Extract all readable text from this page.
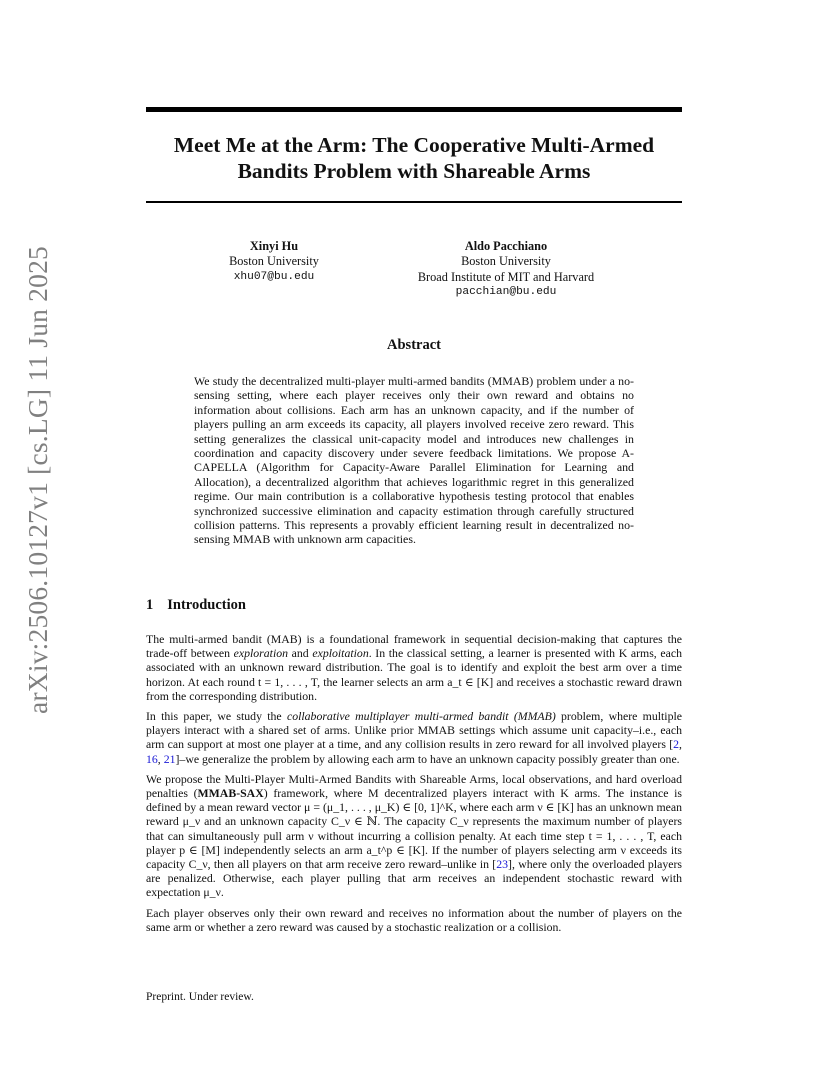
Meet Me at the Arm: The Cooperative Multi-Armed Bandits Problem with Shareable Arms
Xinyi Hu
Boston University
xhu07@bu.edu
Aldo Pacchiano
Boston University
Broad Institute of MIT and Harvard
pacchian@bu.edu
arXiv:2506.10127v1 [cs.LG] 11 Jun 2025	Abstract

We study the decentralized multi-player multi-armed bandits (MMAB) problem under a no-sensing setting, where each player receives only their own reward and obtains no information about collisions. Each arm has an unknown capacity, and if the number of players pulling an arm exceeds its capacity, all players involved receive zero reward. This setting generalizes the classical unit-capacity model and introduces new challenges in coordination and capacity discovery under severe feedback limitations. We propose A-CAPELLA (Algorithm for Capacity-Aware Parallel Elimination for Learning and Allocation), a decentralized algorithm that achieves logarithmic regret in this generalized regime. Our main contribution is a collaborative hypothesis testing protocol that enables synchronized successive elimination and capacity estimation through carefully structured collision patterns. This represents a provably efficient learning result in decentralized no-sensing MMAB with unknown arm capacities.

1 Introduction

The multi-armed bandit (MAB) is a foundational framework in sequential decision-making that captures the trade-off between exploration and exploitation. In the classical setting, a learner is presented with K arms, each associated with an unknown reward distribution. The goal is to identify and exploit the best arm over a time horizon. At each round t = 1, . . . , T, the learner selects an arm a_t ∈ [K] and receives a stochastic reward drawn from the corresponding distribution.

In this paper, we study the collaborative multiplayer multi-armed bandit (MMAB) problem, where multiple players interact with a shared set of arms. Unlike prior MMAB settings which assume unit capacity–i.e., each arm can support at most one player at a time, and any collision results in zero reward for all involved players [2, 16, 21]–we generalize the problem by allowing each arm to have an unknown capacity possibly greater than one.

We propose the Multi-Player Multi-Armed Bandits with Shareable Arms, local observations, and hard overload penalties (MMAB-SAX) framework, where M decentralized players interact with K arms. The instance is defined by a mean reward vector μ = (μ_1, . . . , μ_K) ∈ [0, 1]^K, where each arm ν ∈ [K] has an unknown mean reward μ_ν and an unknown capacity C_ν ∈ ℕ. The capacity C_ν represents the maximum number of players that can simultaneously pull arm ν without incurring a collision penalty. At each time step t = 1, . . . , T, each player p ∈ [M] independently selects an arm a_t^p ∈ [K]. If the number of players selecting arm ν exceeds its capacity C_ν, then all players on that arm receive zero reward–unlike in [23], where only the overloaded players are penalized. Otherwise, each player pulling that arm receives an independent stochastic reward with expectation μ_ν.

Each player observes only their own reward and receives no information about the number of players on the same arm or whether a zero reward was caused by a stochastic realization or a collision.

Preprint. Under review.
